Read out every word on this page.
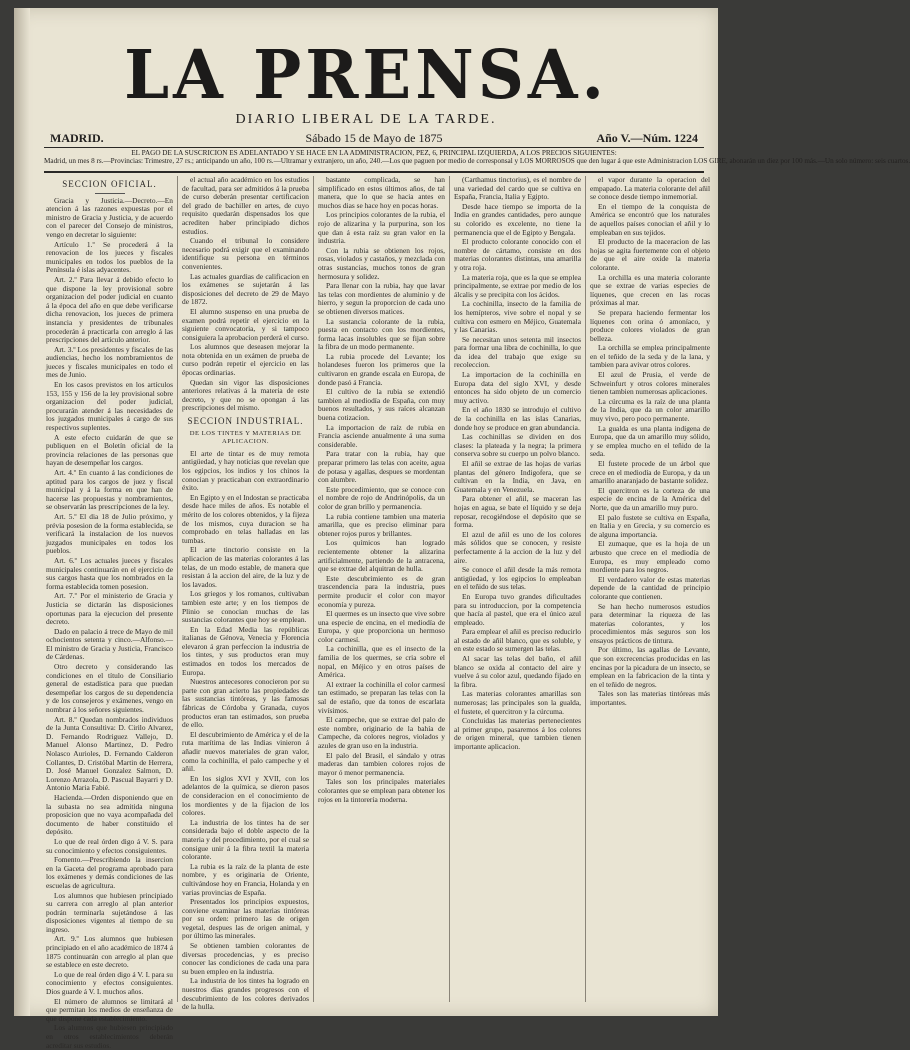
LA PRENSA.
DIARIO LIBERAL DE LA TARDE.
MADRID.	Sábado 15 de Mayo de 1875	Año V.—Núm. 1224
EL PAGO DE LA SUSCRICION ES ADELANTADO Y SE HACE EN LA ADMINISTRACION, PEZ, 6, PRINCIPAL IZQUIERDA, A LOS PRECIOS SIGUIENTES:
Madrid, un mes 8 rs.—Provincias: Trimestre, 27 rs.; anticipando un año, 100 rs.—Ultramar y extranjero, un año, 240.—Los que paguen por medio de corresponsal y LOS MORROSOS que den lugar á que este Administracion LOS GIRE, abonarán un diez por 100 más.—Un solo número: seis cuartos.
SECCION OFICIAL.

Gracia y Justicia.—Decreto.—En atencion á las razones expuestas por el ministro de Gracia y Justicia, y de acuerdo con el parecer del Consejo de ministros, vengo en decretar lo siguiente:

Artículo 1.º Se procederá á la renovacion de los jueces y fiscales municipales en todos los pueblos de la Península é islas adyacentes.

Art. 2.º Para llevar á debido efecto lo que dispone la ley provisional sobre organizacion del poder judicial en cuanto á la época del año en que debe verificarse dicha renovacion, los jueces de primera instancia y presidentes de tribunales procederán á practicarla con arreglo á las prescripciones del artículo anterior.

Art. 3.º Los presidentes y fiscales de las audiencias, hecho los nombramientos de jueces y fiscales municipales en todo el mes de Junio.

En los casos previstos en los artículos 153, 155 y 156 de la ley provisional sobre organizacion del poder judicial, procurarán atender á las necesidades de los juzgados municipales á cargo de sus respectivos suplentes.

A este efecto cuidarán de que se publiquen en el Boletín oficial de la provincia relaciones de las personas que hayan de desempeñar los cargos.

Art. 4.º En cuanto á las condiciones de aptitud para los cargos de juez y fiscal municipal y á la forma en que han de hacerse las propuestas y nombramientos, se observarán las prescripciones de la ley.

Art. 5.º El dia 18 de Julio próximo, y prévia posesion de la forma establecida, se verificará la instalacion de los nuevos juzgados municipales en todos los pueblos.

Art. 6.º Los actuales jueces y fiscales municipales continuarán en el ejercicio de sus cargos hasta que los nombrados en la forma establecida tomen posesion.

Art. 7.º Por el ministerio de Gracia y Justicia se dictarán las disposiciones oportunas para la ejecucion del presente decreto.

Dado en palacio á trece de Mayo de mil ochocientos setenta y cinco.—Alfonso.—El ministro de Gracia y Justicia, Francisco de Cárdenas.

Otro decreto y considerando las condiciones en el título de Consiliario general de estadística para que puedan desempeñar los cargos de su dependencia y de los consejeros y exámenes, vengo en nombrar á los señores siguientes.

Art. 8.º Quedan nombrados individuos de la Junta Consultiva: D. Cirilo Alvarez, D. Fernando Rodriguez Vallejo, D. Manuel Alonso Martinez, D. Pedro Nolasco Aurioles, D. Fernando Calderon Collantes, D. Cristóbal Martin de Herrera, D. José Manuel Gonzalez Salmon, D. Lorenzo Arrazola, D. Pascual Bayarri y D. Antonio Maria Fabié.

Hacienda.—Orden disponiendo que en la subasta no sea admitida ninguna proposicion que no vaya acompañada del documento de haber constituido el depósito.

Lo que de real órden digo á V. S. para su conocimiento y efectos consiguientes.

Fomento.—Prescribiendo la insercion en la Gaceta del programa aprobado para los exámenes y demás condiciones de las escuelas de agricultura.

Los alumnos que hubiesen principiado su carrera con arreglo al plan anterior podrán terminarla sujetándose á las disposiciones vigentes al tiempo de su ingreso.

Art. 9.º Los alumnos que hubiesen principiado en el año académico de 1874 á 1875 continuarán con arreglo al plan que se establece en este decreto.

Lo que de real órden digo á V. I. para su conocimiento y efectos consiguientes. Dios guarde á V. I. muchos años.

El número de alumnos se limitará al que permitan los medios de enseñanza de que dispone cada establecimiento.

Los alumnos que hubiesen principiado en otros establecimientos deberán acreditar sus estudios.

el actual año académico en los estudios de facultad, para ser admitidos á la prueba de curso deberán presentar certificacion del grado de bachiller en artes, de cuyo requisito quedarán dispensados los que acrediten haber principiado dichos estudios.

Cuando el tribunal lo considere necesario podrá exigir que el examinando identifique su persona en términos convenientes.

Las actuales guardias de calificacion en los exámenes se sujetarán á las disposiciones del decreto de 29 de Mayo de 1872.

El alumno suspenso en una prueba de examen podrá repetir el ejercicio en la siguiente convocatoria, y si tampoco consiguiera la aprobacion perderá el curso.

Los alumnos que deseasen mejorar la nota obtenida en un exámen de prueba de curso podrán repetir el ejercicio en las épocas ordinarias.

Quedan sin vigor las disposiciones anteriores relativas á la materia de este decreto, y que no se opongan á las prescripciones del mismo.

SECCION INDUSTRIAL.
DE LOS TINTES Y MATERIAS DE APLICACION.

El arte de tintar es de muy remota antigüedad, y hay noticias que revelan que los egipcios, los indios y los chinos la conocian y practicaban con extraordinario éxito.

En Egipto y en el Indostan se practicaba desde hace miles de años. Es notable el mérito de los colores obtenidos, y la fijeza de los mismos, cuya duracion se ha comprobado en telas halladas en las tumbas.

El arte tinctorio consiste en la aplicacion de las materias colorantes á las telas, de un modo estable, de manera que resistan á la accion del aire, de la luz y de los lavados.

Los griegos y los romanos, cultivaban tambien este arte; y en los tiempos de Plinio se conocian muchas de las sustancias colorantes que hoy se emplean.

En la Edad Media las repúblicas italianas de Génova, Venecia y Florencia elevaron á gran perfeccion la industria de los tintes, y sus productos eran muy estimados en todos los mercados de Europa.

Nuestros antecesores conocieron por su parte con gran acierto las propiedades de las sustancias tintóreas, y las famosas fábricas de Córdoba y Granada, cuyos productos eran tan estimados, son prueba de ello.

El descubrimiento de América y el de la ruta marítima de las Indias vinieron á añadir nuevos materiales de gran valor, como la cochinilla, el palo campeche y el añil.

En los siglos XVI y XVII, con los adelantos de la química, se dieron pasos de consideracion en el conocimiento de los mordientes y de la fijacion de los colores.

La industria de los tintes ha de ser considerada bajo el doble aspecto de la materia y del procedimiento, por el cual se consigue unir á la fibra textil la materia colorante.

La rubia es la raíz de la planta de este nombre, y es originaria de Oriente, cultivándose hoy en Francia, Holanda y en varias provincias de España.

Presentados los principios expuestos, conviene examinar las materias tintóreas por su orden: primero las de origen vegetal, despues las de origen animal, y por último las minerales.

Se obtienen tambien colorantes de diversas procedencias, y es preciso conocer las condiciones de cada una para su buen empleo en la industria.

La industria de los tintes ha logrado en nuestros dias grandes progresos con el descubrimiento de los colores derivados de la hulla.

bastante complicada, se han simplificado en estos últimos años, de tal manera, que lo que se hacia antes en muchos dias se hace hoy en pocas horas.

Los principios colorantes de la rubia, el rojo de alizarina y la purpurina, son los que dan á esta raíz su gran valor en la industria.

Con la rubia se obtienen los rojos, rosas, violados y castaños, y mezclada con otras sustancias, muchos tonos de gran hermosura y solidez.

Para llenar con la rubia, hay que lavar las telas con mordientes de aluminio y de hierro, y segun la proporcion de cada uno se obtienen diversos matices.

La sustancia colorante de la rubia, puesta en contacto con los mordientes, forma lacas insolubles que se fijan sobre la fibra de un modo permanente.

La rubia procede del Levante; los holandeses fueron los primeros que la cultivaron en grande escala en Europa, de donde pasó á Francia.

El cultivo de la rubia se extendió tambien al mediodía de España, con muy buenos resultados, y sus raíces alcanzan buena cotizacion.

La importacion de raíz de rubia en Francia asciende anualmente á una suma considerable.

Para tratar con la rubia, hay que preparar primero las telas con aceite, agua de potasa y agallas, despues se mordentan con alumbre.

Este procedimiento, que se conoce con el nombre de rojo de Andrinópolis, da un color de gran brillo y permanencia.

La rubia contiene tambien una materia amarilla, que es preciso eliminar para obtener rojos puros y brillantes.

Los químicos han logrado recientemente obtener la alizarina artificialmente, partiendo de la antracena, que se extrae del alquitran de hulla.

Este descubrimiento es de gran trascendencia para la industria, pues permite producir el color con mayor economía y pureza.

El quermes es un insecto que vive sobre una especie de encina, en el mediodía de Europa, y que proporciona un hermoso color carmesí.

La cochinilla, que es el insecto de la familia de los quermes, se cria sobre el nopal, en Méjico y en otros países de América.

Al extraer la cochinilla el color carmesí tan estimado, se preparan las telas con la sal de estaño, que da tonos de escarlata vivísimos.

El campeche, que se extrae del palo de este nombre, originario de la bahía de Campeche, da colores negros, violados y azules de gran uso en la industria.

El palo del Brasil, el sándalo y otras maderas dan tambien colores rojos de mayor ó menor permanencia.

Tales son los principales materiales colorantes que se emplean para obtener los rojos en la tintorería moderna.

(Carthamus tinctorius), es el nombre de una variedad del cardo que se cultiva en España, Francia, Italia y Egipto.

Desde hace tiempo se importa de la India en grandes cantidades, pero aunque su colorido es excelente, no tiene la permanencia que el de Egipto y Bengala.

El producto colorante conocido con el nombre de cártamo, consiste en dos materias colorantes distintas, una amarilla y otra roja.

La materia roja, que es la que se emplea principalmente, se extrae por medio de los álcalis y se precipita con los ácidos.

La cochinilla, insecto de la familia de los hemípteros, vive sobre el nopal y se cultiva con esmero en Méjico, Guatemala y las Canarias.

Se necesitan unos setenta mil insectos para formar una libra de cochinilla, lo que da idea del trabajo que exige su recoleccion.

La importacion de la cochinilla en Europa data del siglo XVI, y desde entonces ha sido objeto de un comercio muy activo.

En el año 1830 se introdujo el cultivo de la cochinilla en las islas Canarias, donde hoy se produce en gran abundancia.

Las cochinillas se dividen en dos clases: la plateada y la negra; la primera conserva sobre su cuerpo un polvo blanco.

El añil se extrae de las hojas de varias plantas del género Indigofera, que se cultivan en la India, en Java, en Guatemala y en Venezuela.

Para obtener el añil, se maceran las hojas en agua, se bate el líquido y se deja reposar, recogiéndose el depósito que se forma.

El azul de añil es uno de los colores más sólidos que se conocen, y resiste perfectamente á la accion de la luz y del aire.

Se conoce el añil desde la más remota antigüedad, y los egipcios lo empleaban en el teñido de sus telas.

En Europa tuvo grandes dificultades para su introduccion, por la competencia que hacía al pastel, que era el único azul empleado.

Para emplear el añil es preciso reducirlo al estado de añil blanco, que es soluble, y en este estado se sumergen las telas.

Al sacar las telas del baño, el añil blanco se oxida al contacto del aire y vuelve á su color azul, quedando fijado en la fibra.

Las materias colorantes amarillas son numerosas; las principales son la gualda, el fustete, el quercitron y la cúrcuma.

Concluidas las materias pertenecientes al primer grupo, pasaremos á los colores de origen mineral, que tambien tienen importante aplicacion.

el vapor durante la operacion del empapado. La materia colorante del añil se conoce desde tiempo inmemorial.

En el tiempo de la conquista de América se encontró que los naturales de aquellos países conocian el añil y lo empleaban en sus tejidos.

El producto de la maceracion de las hojas se agita fuertemente con el objeto de que el aire oxide la materia colorante.

La orchilla es una materia colorante que se extrae de varias especies de líquenes, que crecen en las rocas próximas al mar.

Se prepara haciendo fermentar los líquenes con orina ó amoníaco, y produce colores violados de gran belleza.

La orchilla se emplea principalmente en el teñido de la seda y de la lana, y tambien para avivar otros colores.

El azul de Prusia, el verde de Schweinfurt y otros colores minerales tienen tambien numerosas aplicaciones.

La cúrcuma es la raíz de una planta de la India, que da un color amarillo muy vivo, pero poco permanente.

La gualda es una planta indígena de Europa, que da un amarillo muy sólido, y se emplea mucho en el teñido de la seda.

El fustete procede de un árbol que crece en el mediodía de Europa, y da un amarillo anaranjado de bastante solidez.

El quercitron es la corteza de una especie de encina de la América del Norte, que da un amarillo muy puro.

El palo fustete se cultiva en España, en Italia y en Grecia, y su comercio es de alguna importancia.

El zumaque, que es la hoja de un arbusto que crece en el mediodía de Europa, es muy empleado como mordiente para los negros.

El verdadero valor de estas materias depende de la cantidad de principio colorante que contienen.

Se han hecho numerosos estudios para determinar la riqueza de las materias colorantes, y los procedimientos más seguros son los ensayos prácticos de tintura.

Por último, las agallas de Levante, que son excrecencias producidas en las encinas por la picadura de un insecto, se emplean en la fabricacion de la tinta y en el teñido de negros.

Tales son las materias tintóreas más importantes.
